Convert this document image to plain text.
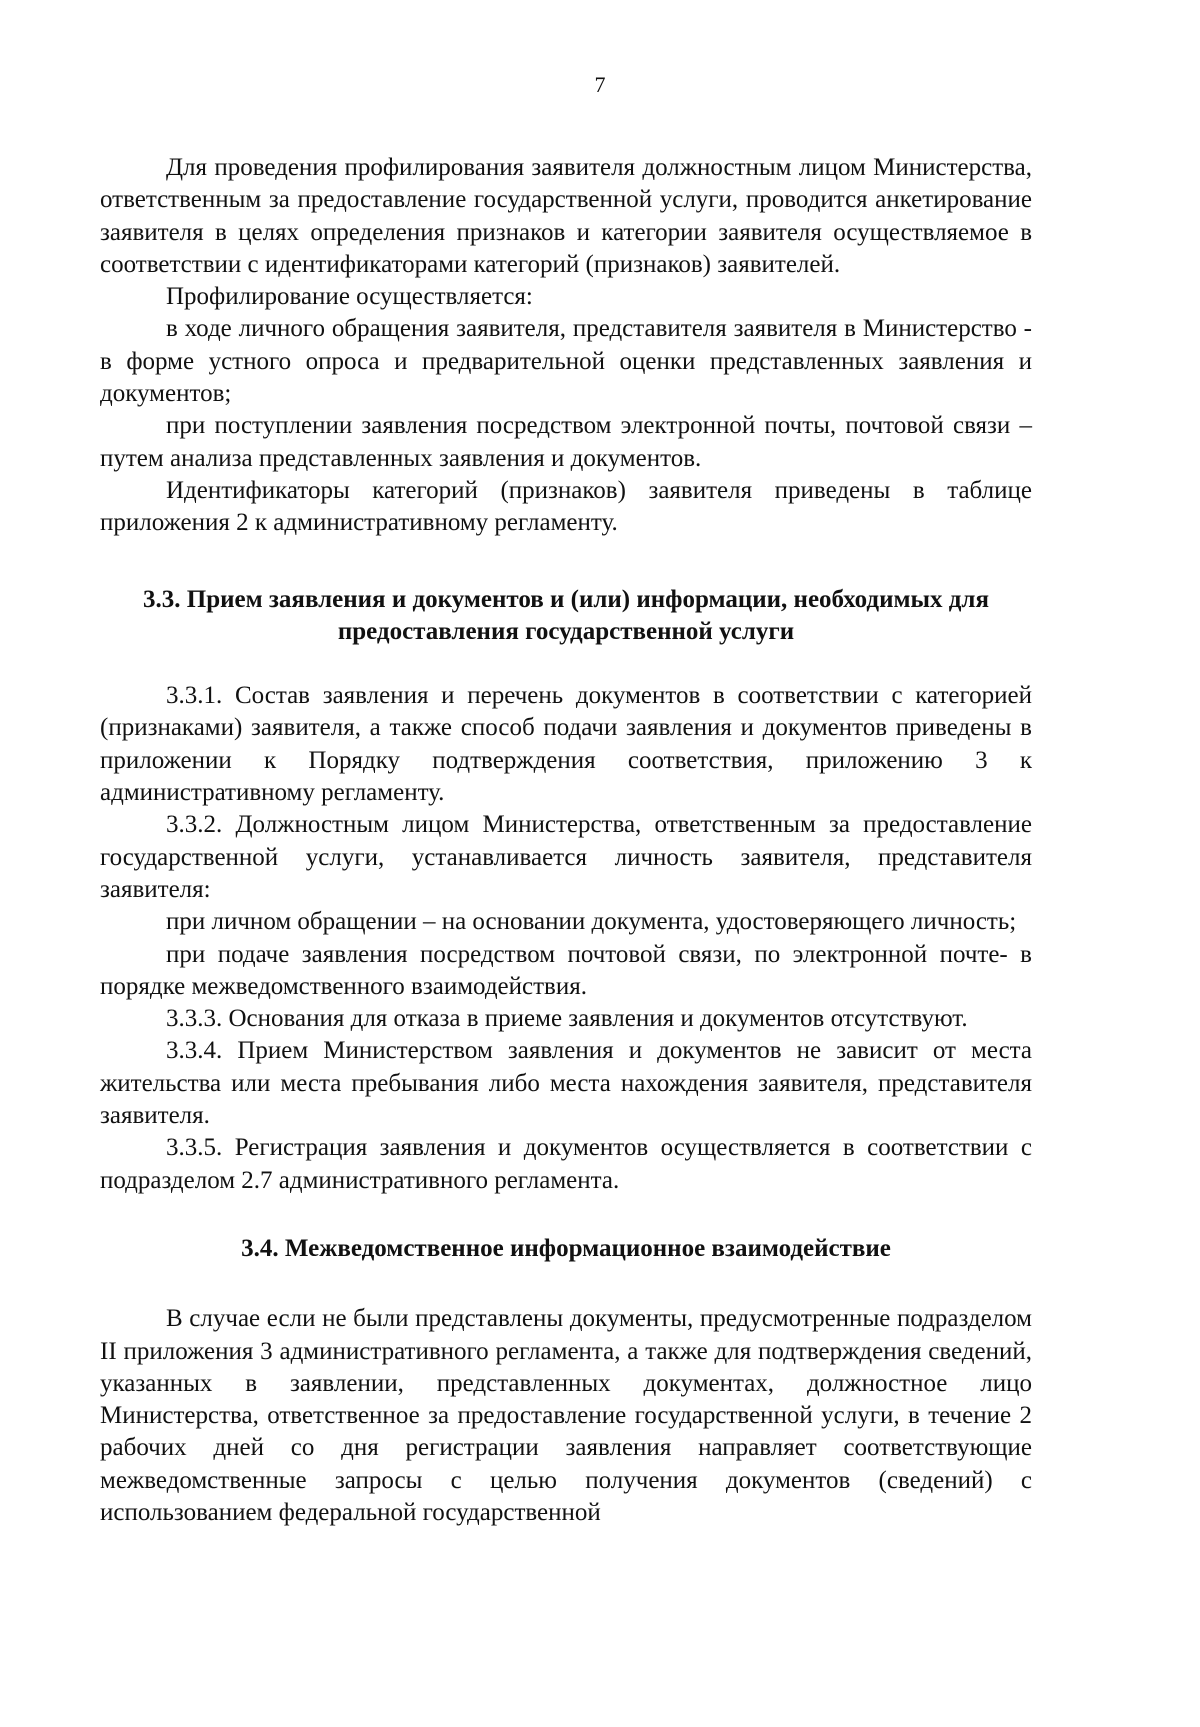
7

Для проведения профилирования заявителя должностным лицом Министерства, ответственным за предоставление государственной услуги, проводится анкетирование заявителя в целях определения признаков и категории заявителя осуществляемое в соответствии с идентификаторами категорий (признаков) заявителей.

Профилирование осуществляется:

в ходе личного обращения заявителя, представителя заявителя в Министерство - в форме устного опроса и предварительной оценки представленных заявления и документов;

при поступлении заявления посредством электронной почты, почтовой связи – путем анализа представленных заявления и документов.

Идентификаторы категорий (признаков) заявителя приведены в таблице приложения 2 к административному регламенту.

3.3. Прием заявления и документов и (или) информации, необходимых для предоставления государственной услуги

3.3.1. Состав заявления и перечень документов в соответствии с категорией (признаками) заявителя, а также способ подачи заявления и документов приведены в приложении к Порядку подтверждения соответствия, приложению 3 к административному регламенту.

3.3.2. Должностным лицом Министерства, ответственным за предоставление государственной услуги, устанавливается личность заявителя, представителя заявителя:

при личном обращении – на основании документа, удостоверяющего личность;

при подаче заявления посредством почтовой связи, по электронной почте- в порядке межведомственного взаимодействия.

3.3.3. Основания для отказа в приеме заявления и документов отсутствуют.

3.3.4. Прием Министерством заявления и документов не зависит от места жительства или места пребывания либо места нахождения заявителя, представителя заявителя.

3.3.5. Регистрация заявления и документов осуществляется в соответствии с подразделом 2.7 административного регламента.

3.4. Межведомственное информационное взаимодействие

В случае если не были представлены документы, предусмотренные подразделом II приложения 3 административного регламента, а также для подтверждения сведений, указанных в заявлении, представленных документах, должностное лицо Министерства, ответственное за предоставление государственной услуги, в течение 2 рабочих дней со дня регистрации заявления направляет соответствующие межведомственные запросы с целью получения документов (сведений) с использованием федеральной государственной
